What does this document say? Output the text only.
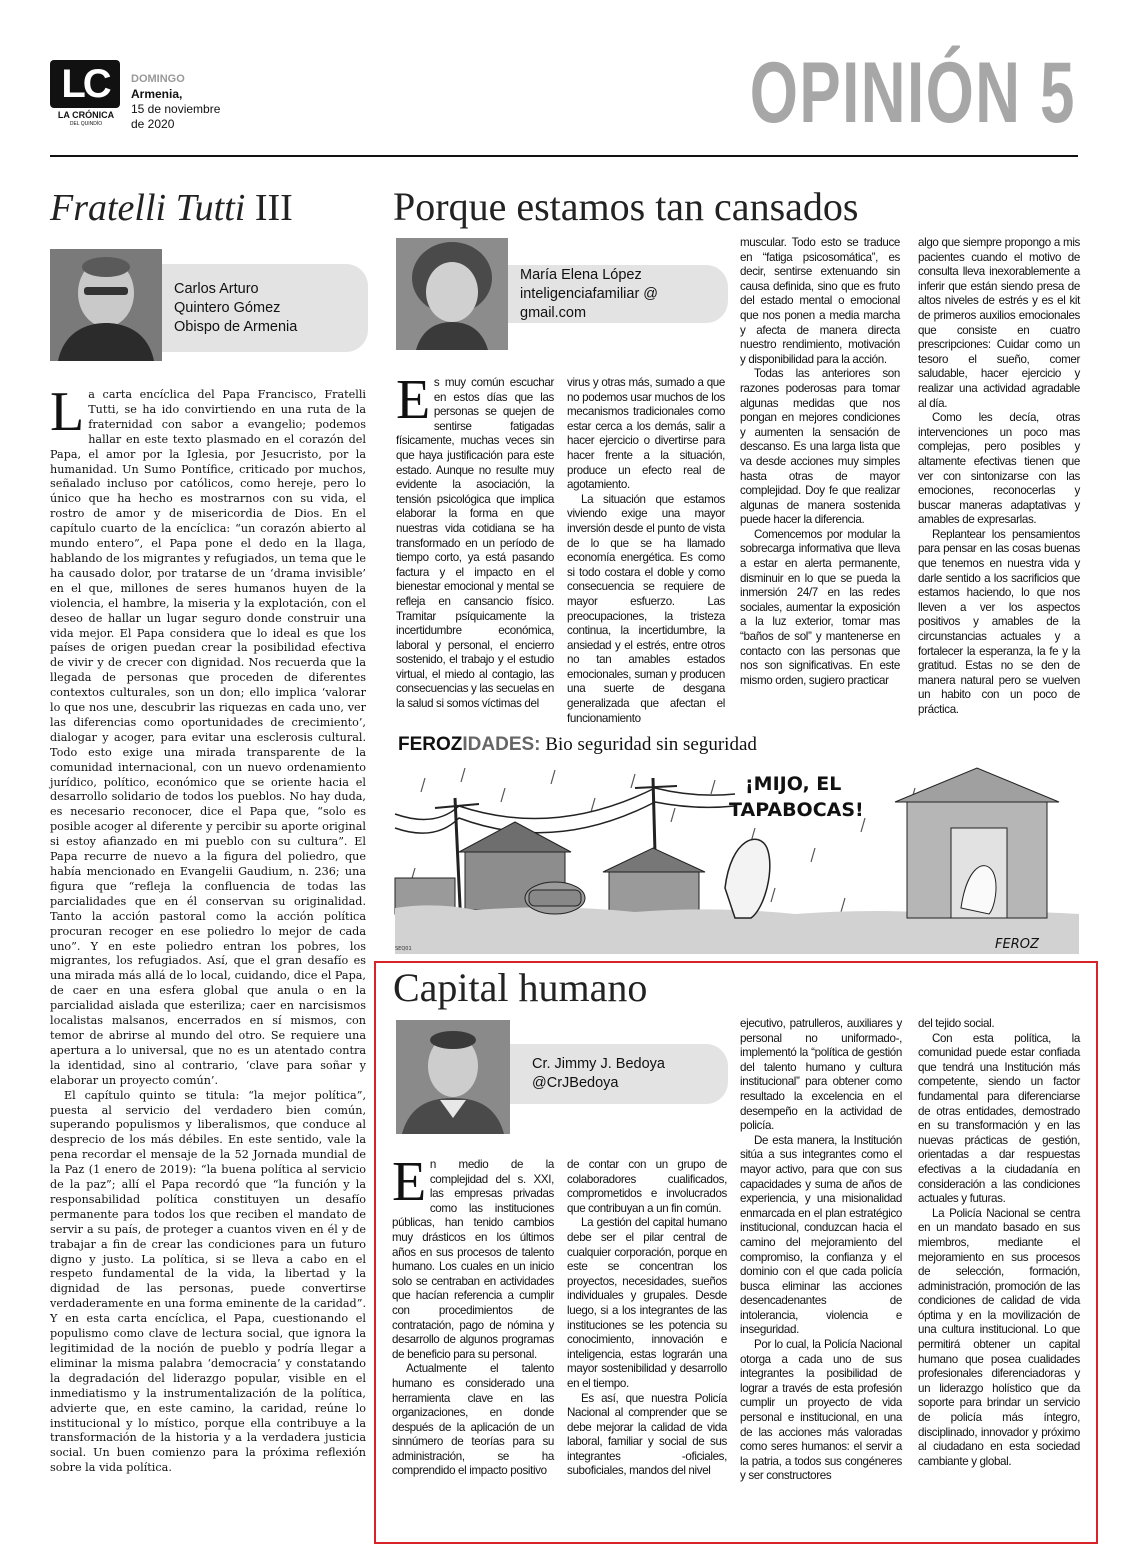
LC
LA CRÓNICA
DEL QUINDÍO
DOMINGO
Armenia,
15 de noviembre
de 2020	OPINIÓN 5
Fratelli Tutti III
Carlos Arturo
Quintero Gómez
Obispo de Armenia

La carta encíclica del Papa Francisco, Fratelli Tutti, se ha ido convirtiendo en una ruta de la fraternidad con sabor a evangelio; podemos hallar en este texto plasmado en el corazón del Papa, el amor por la Iglesia, por Jesucristo, por la humanidad. Un Sumo Pontífice, criticado por muchos, señalado incluso por católicos, como hereje, pero lo único que ha hecho es mostrarnos con su vida, el rostro de amor y de misericordia de Dios. En el capítulo cuarto de la encíclica: “un corazón abierto al mundo entero”, el Papa pone el dedo en la llaga, hablando de los migrantes y refugiados, un tema que le ha causado dolor, por tratarse de un ‘drama invisible’ en el que, millones de seres humanos huyen de la violencia, el hambre, la miseria y la explotación, con el deseo de hallar un lugar seguro donde construir una vida mejor. El Papa considera que lo ideal es que los países de origen puedan crear la posibilidad efectiva de vivir y de crecer con dignidad. Nos recuerda que la llegada de personas que proceden de diferentes contextos culturales, son un don; ello implica ‘valorar lo que nos une, descubrir las riquezas en cada uno, ver las diferencias como oportunidades de crecimiento’, dialogar y acoger, para evitar una esclerosis cultural. Todo esto exige una mirada transparente de la comunidad internacional, con un nuevo ordenamiento jurídico, político, económico que se oriente hacia el desarrollo solidario de todos los pueblos. No hay duda, es necesario reconocer, dice el Papa que, “solo es posible acoger al diferente y percibir su aporte original si estoy afianzado en mi pueblo con su cultura”. El Papa recurre de nuevo a la figura del poliedro, que había mencionado en Evangelii Gaudium, n. 236; una figura que “refleja la confluencia de todas las parcialidades que en él conservan su originalidad. Tanto la acción pastoral como la acción política procuran recoger en ese poliedro lo mejor de cada uno”. Y en este poliedro entran los pobres, los migrantes, los refugiados. Así, que el gran desafío es una mirada más allá de lo local, cuidando, dice el Papa, de caer en una esfera global que anula o en la parcialidad aislada que esteriliza; caer en narcisismos localistas malsanos, encerrados en sí mismos, con temor de abrirse al mundo del otro. Se requiere una apertura a lo universal, que no es un atentado contra la identidad, sino al contrario, ‘clave para soñar y elaborar un proyecto común’.

El capítulo quinto se titula: “la mejor política”, puesta al servicio del verdadero bien común, superando populismos y liberalismos, que conduce al desprecio de los más débiles. En este sentido, vale la pena recordar el mensaje de la 52 Jornada mundial de la Paz (1 enero de 2019): “la buena política al servicio de la paz”; allí el Papa recordó que “la función y la responsabilidad política constituyen un desafío permanente para todos los que reciben el mandato de servir a su país, de proteger a cuantos viven en él y de trabajar a fin de crear las condiciones para un futuro digno y justo. La política, si se lleva a cabo en el respeto fundamental de la vida, la libertad y la dignidad de las personas, puede convertirse verdaderamente en una forma eminente de la caridad”. Y en esta carta encíclica, el Papa, cuestionando el populismo como clave de lectura social, que ignora la legitimidad de la noción de pueblo y podría llegar a eliminar la misma palabra ‘democracia’ y constatando la degradación del liderazgo popular, visible en el inmediatismo y la instrumentalización de la política, advierte que, en este camino, la caridad, reúne lo institucional y lo místico, porque ella contribuye a la transformación de la historia y a la verdadera justicia social. Un buen comienzo para la próxima reflexión sobre la vida política.

Porque estamos tan cansados
María Elena López
inteligenciafamiliar @ gmail.com

Es muy común escuchar en estos días que las personas se quejen de sentirse fatigadas físicamente, muchas veces sin que haya justificación para este estado. Aunque no resulte muy evidente la asociación, la tensión psicológica que implica elaborar la forma en que nuestras vida cotidiana se ha transformado en un período de tiempo corto, ya está pasando factura y el impacto en el bienestar emocional y mental se refleja en cansancio físico. Tramitar psíquicamente la incertidumbre económica, laboral y personal, el encierro sostenido, el trabajo y el estudio virtual, el miedo al contagio, las consecuencias y las secuelas en la salud si somos víctimas del

virus y otras más, sumado a que no podemos usar muchos de los mecanismos tradicionales como estar cerca a los demás, salir a hacer ejercicio o divertirse para hacer frente a la situación, produce un efecto real de agotamiento.

La situación que estamos viviendo exige una mayor inversión desde el punto de vista de lo que se ha llamado economía energética. Es como si todo costara el doble y como consecuencia se requiere de mayor esfuerzo. Las preocupaciones, la tristeza continua, la incertidumbre, la ansiedad y el estrés, entre otros no tan amables estados emocionales, suman y producen una suerte de desgana generalizada que afectan el funcionamiento

muscular. Todo esto se traduce en “fatiga psicosomática”, es decir, sentirse extenuando sin causa definida, sino que es fruto del estado mental o emocional que nos ponen a media marcha y afecta de manera directa nuestro rendimiento, motivación y disponibilidad para la acción.

Todas las anteriores son razones poderosas para tomar algunas medidas que nos pongan en mejores condiciones y aumenten la sensación de descanso. Es una larga lista que va desde acciones muy simples hasta otras de mayor complejidad. Doy fe que realizar algunas de manera sostenida puede hacer la diferencia.

Comencemos por modular la sobrecarga informativa que lleva a estar en alerta permanente, disminuir en lo que se pueda la inmersión 24/7 en las redes sociales, aumentar la exposición a la luz exterior, tomar mas “baños de sol” y mantenerse en contacto con las personas que nos son significativas. En este mismo orden, sugiero practicar

algo que siempre propongo a mis pacientes cuando el motivo de consulta lleva inexorablemente a inferir que están siendo presa de altos niveles de estrés y es el kit de primeros auxilios emocionales que consiste en cuatro prescripciones: Cuidar como un tesoro el sueño, comer saludable, hacer ejercicio y realizar una actividad agradable al día.

Como les decía, otras intervenciones un poco mas complejas, pero posibles y altamente efectivas tienen que ver con sintonizarse con las emociones, reconocerlas y buscar maneras adaptativas y amables de expresarlas.

Replantear los pensamientos para pensar en las cosas buenas que tenemos en nuestra vida y darle sentido a los sacrificios que estamos haciendo, lo que nos lleven a ver los aspectos positivos y amables de la circunstancias actuales y a fortalecer la esperanza, la fe y la gratitud. Estas no se den de manera natural pero se vuelven un habito con un poco de práctica.

FEROZIDADES: Bio seguridad sin seguridad
¡MIJO, EL
TAPABOCAS!
FEROZ
SEQ01
Capital humano
Cr. Jimmy J. Bedoya
@CrJBedoya

En medio de la complejidad del s. XXI, las empresas privadas como las instituciones públicas, han tenido cambios muy drásticos en los últimos años en sus procesos de talento humano. Los cuales en un inicio solo se centraban en actividades que hacían referencia a cumplir con procedimientos de contratación, pago de nómina y desarrollo de algunos programas de beneficio para su personal.

Actualmente el talento humano es considerado una herramienta clave en las organizaciones, en donde después de la aplicación de un sinnúmero de teorías para su administración, se ha comprendido el impacto positivo

de contar con un grupo de colaboradores cualificados, comprometidos e involucrados que contribuyan a un fin común.

La gestión del capital humano debe ser el pilar central de cualquier corporación, porque en este se concentran los proyectos, necesidades, sueños individuales y grupales. Desde luego, si a los integrantes de las instituciones se les potencia su conocimiento, innovación e inteligencia, estas lograrán una mayor sostenibilidad y desarrollo en el tiempo.

Es así, que nuestra Policía Nacional al comprender que se debe mejorar la calidad de vida laboral, familiar y social de sus integrantes -oficiales, suboficiales, mandos del nivel

ejecutivo, patrulleros, auxiliares y personal no uniformado-, implementó la “política de gestión del talento humano y cultura institucional” para obtener como resultado la excelencia en el desempeño en la actividad de policía.

De esta manera, la Institución sitúa a sus integrantes como el mayor activo, para que con sus capacidades y suma de años de experiencia, y una misionalidad enmarcada en el plan estratégico institucional, conduzcan hacia el camino del mejoramiento del compromiso, la confianza y el dominio con el que cada policía busca eliminar las acciones desencadenantes de intolerancia, violencia e inseguridad.

Por lo cual, la Policía Nacional otorga a cada uno de sus integrantes la posibilidad de lograr a través de esta profesión cumplir un proyecto de vida personal e institucional, en una de las acciones más valoradas como seres humanos: el servir a la patria, a todos sus congéneres y ser constructores

del tejido social.

Con esta política, la comunidad puede estar confiada que tendrá una Institución más competente, siendo un factor fundamental para diferenciarse de otras entidades, demostrado en su transformación y en las nuevas prácticas de gestión, orientadas a dar respuestas efectivas a la ciudadanía en consideración a las condiciones actuales y futuras.

La Policía Nacional se centra en un mandato basado en sus miembros, mediante el mejoramiento en sus procesos de selección, formación, administración, promoción de las condiciones de calidad de vida óptima y en la movilización de una cultura institucional. Lo que permitirá obtener un capital humano que posea cualidades profesionales diferenciadoras y un liderazgo holístico que da soporte para brindar un servicio de policía más íntegro, disciplinado, innovador y próximo al ciudadano en esta sociedad cambiante y global.
